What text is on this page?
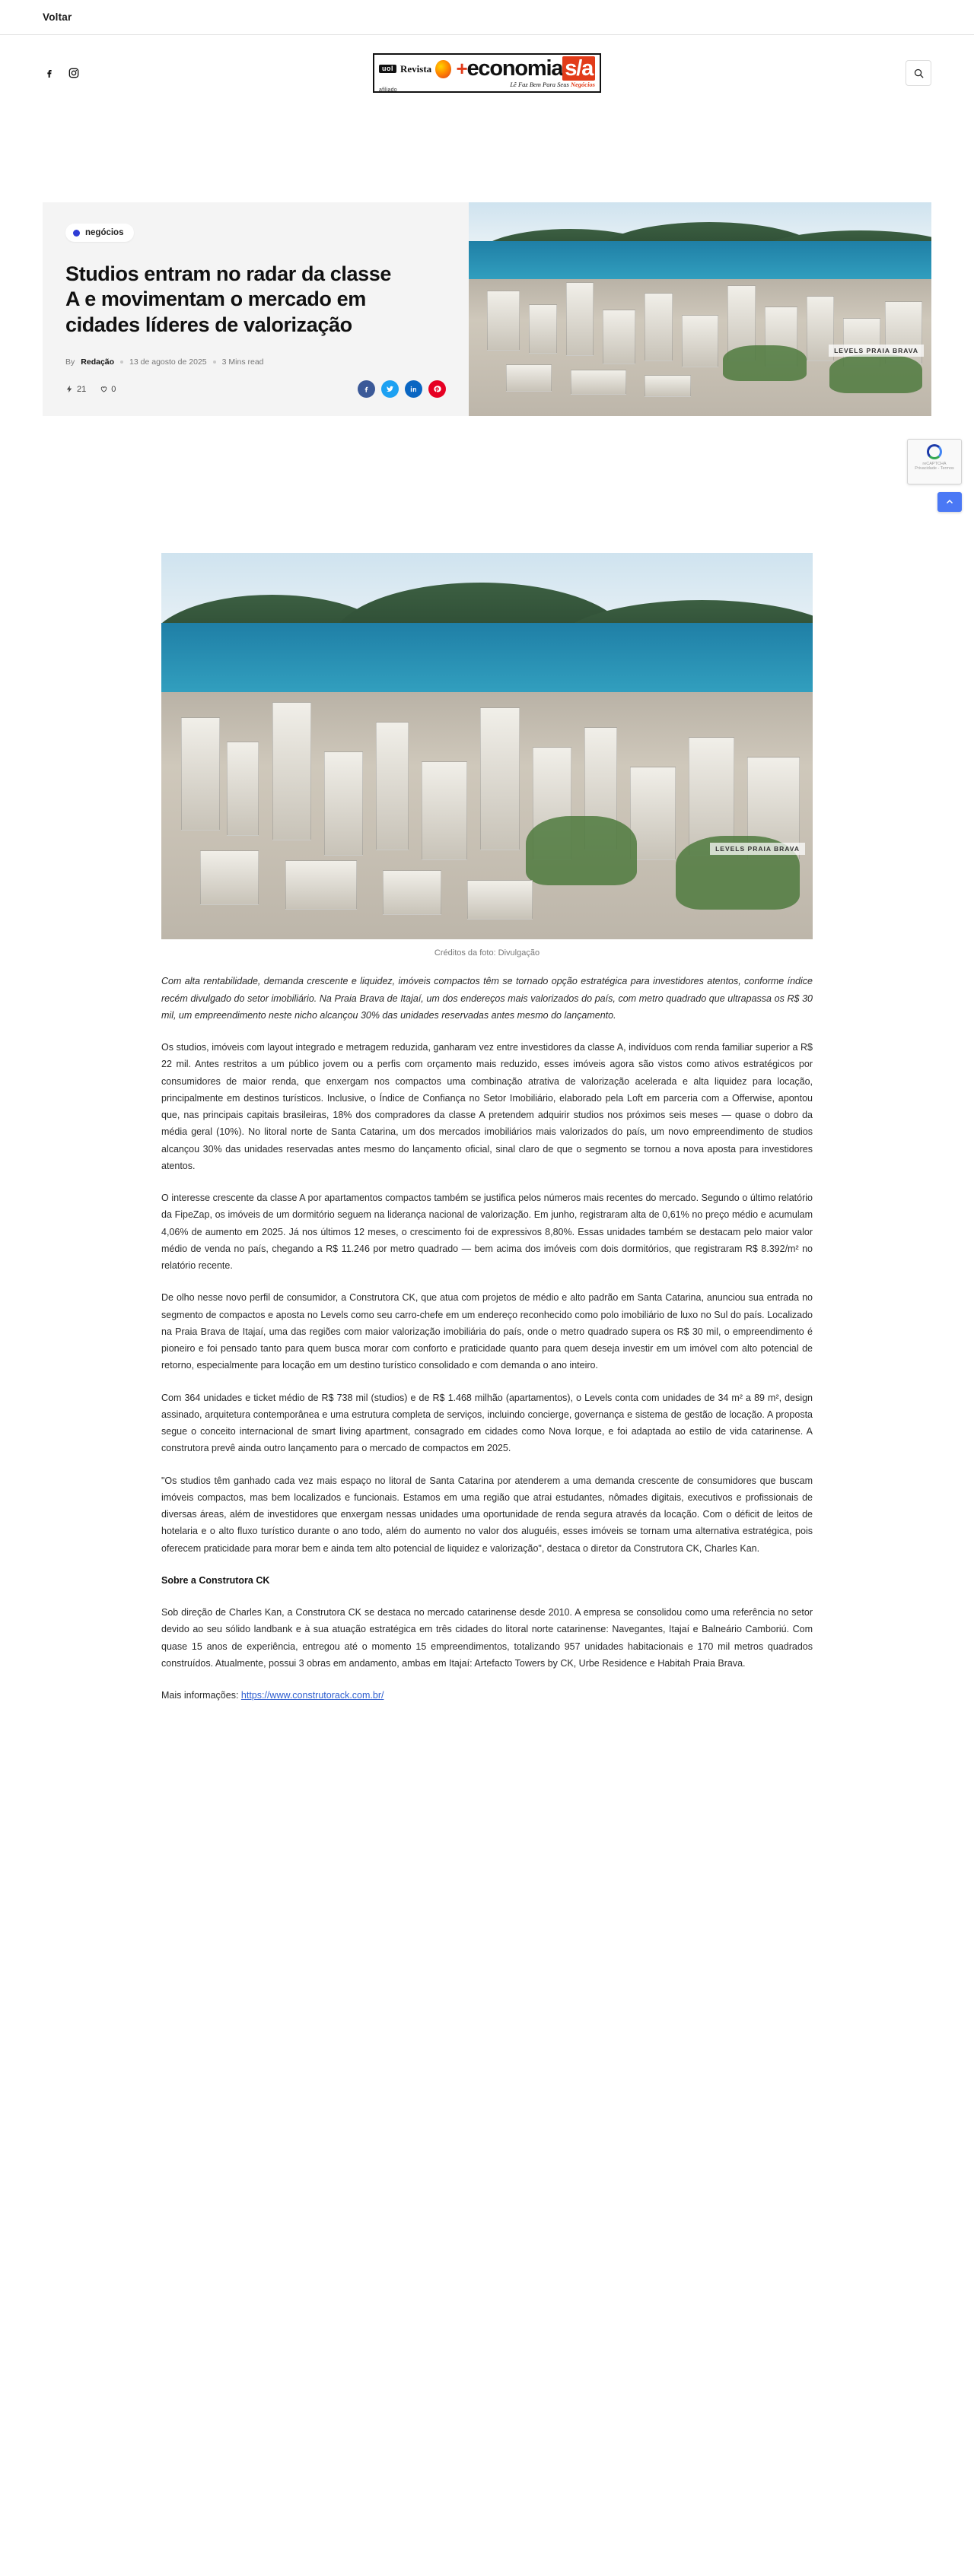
Voltar
uol Revista +economia s/a
afiliado
Lẽ Faz Bem Para Seus Negócios
negócios
Studios entram no radar da classe A e movimentam o mercado em cidades líderes de valorização
By Redação 13 de agosto de 2025 3 Mins read
21	0
LEVELS PRAIA BRAVA
reCAPTCHA
Privacidade - Termos
LEVELS PRAIA BRAVA
Créditos da foto: Divulgação

Com alta rentabilidade, demanda crescente e liquidez, imóveis compactos têm se tornado opção estratégica para investidores atentos, conforme índice recém divulgado do setor imobiliário. Na Praia Brava de Itajaí, um dos endereços mais valorizados do país, com metro quadrado que ultrapassa os R$ 30 mil, um empreendimento neste nicho alcançou 30% das unidades reservadas antes mesmo do lançamento.

Os studios, imóveis com layout integrado e metragem reduzida, ganharam vez entre investidores da classe A, indivíduos com renda familiar superior a R$ 22 mil. Antes restritos a um público jovem ou a perfis com orçamento mais reduzido, esses imóveis agora são vistos como ativos estratégicos por consumidores de maior renda, que enxergam nos compactos uma combinação atrativa de valorização acelerada e alta liquidez para locação, principalmente em destinos turísticos. Inclusive, o Índice de Confiança no Setor Imobiliário, elaborado pela Loft em parceria com a Offerwise, apontou que, nas principais capitais brasileiras, 18% dos compradores da classe A pretendem adquirir studios nos próximos seis meses — quase o dobro da média geral (10%). No litoral norte de Santa Catarina, um dos mercados imobiliários mais valorizados do país, um novo empreendimento de studios alcançou 30% das unidades reservadas antes mesmo do lançamento oficial, sinal claro de que o segmento se tornou a nova aposta para investidores atentos.

O interesse crescente da classe A por apartamentos compactos também se justifica pelos números mais recentes do mercado. Segundo o último relatório da FipeZap, os imóveis de um dormitório seguem na liderança nacional de valorização. Em junho, registraram alta de 0,61% no preço médio e acumulam 4,06% de aumento em 2025. Já nos últimos 12 meses, o crescimento foi de expressivos 8,80%. Essas unidades também se destacam pelo maior valor médio de venda no país, chegando a R$ 11.246 por metro quadrado — bem acima dos imóveis com dois dormitórios, que registraram R$ 8.392/m² no relatório recente.

De olho nesse novo perfil de consumidor, a Construtora CK, que atua com projetos de médio e alto padrão em Santa Catarina, anunciou sua entrada no segmento de compactos e aposta no Levels como seu carro-chefe em um endereço reconhecido como polo imobiliário de luxo no Sul do país. Localizado na Praia Brava de Itajaí, uma das regiões com maior valorização imobiliária do país, onde o metro quadrado supera os R$ 30 mil, o empreendimento é pioneiro e foi pensado tanto para quem busca morar com conforto e praticidade quanto para quem deseja investir em um imóvel com alto potencial de retorno, especialmente para locação em um destino turístico consolidado e com demanda o ano inteiro.

Com 364 unidades e ticket médio de R$ 738 mil (studios) e de R$ 1.468 milhão (apartamentos), o Levels conta com unidades de 34 m² a 89 m², design assinado, arquitetura contemporânea e uma estrutura completa de serviços, incluindo concierge, governança e sistema de gestão de locação. A proposta segue o conceito internacional de smart living apartment, consagrado em cidades como Nova Iorque, e foi adaptada ao estilo de vida catarinense. A construtora prevê ainda outro lançamento para o mercado de compactos em 2025.

"Os studios têm ganhado cada vez mais espaço no litoral de Santa Catarina por atenderem a uma demanda crescente de consumidores que buscam imóveis compactos, mas bem localizados e funcionais. Estamos em uma região que atrai estudantes, nômades digitais, executivos e profissionais de diversas áreas, além de investidores que enxergam nessas unidades uma oportunidade de renda segura através da locação. Com o déficit de leitos de hotelaria e o alto fluxo turístico durante o ano todo, além do aumento no valor dos aluguéis, esses imóveis se tornam uma alternativa estratégica, pois oferecem praticidade para morar bem e ainda tem alto potencial de liquidez e valorização", destaca o diretor da Construtora CK, Charles Kan.

Sobre a Construtora CK

Sob direção de Charles Kan, a Construtora CK se destaca no mercado catarinense desde 2010. A empresa se consolidou como uma referência no setor devido ao seu sólido landbank e à sua atuação estratégica em três cidades do litoral norte catarinense: Navegantes, Itajaí e Balneário Camboriú. Com quase 15 anos de experiência, entregou até o momento 15 empreendimentos, totalizando 957 unidades habitacionais e 170 mil metros quadrados construídos. Atualmente, possui 3 obras em andamento, ambas em Itajaí: Artefacto Towers by CK, Urbe Residence e Habitah Praia Brava.

Mais informações: https://www.construtorack.com.br/
